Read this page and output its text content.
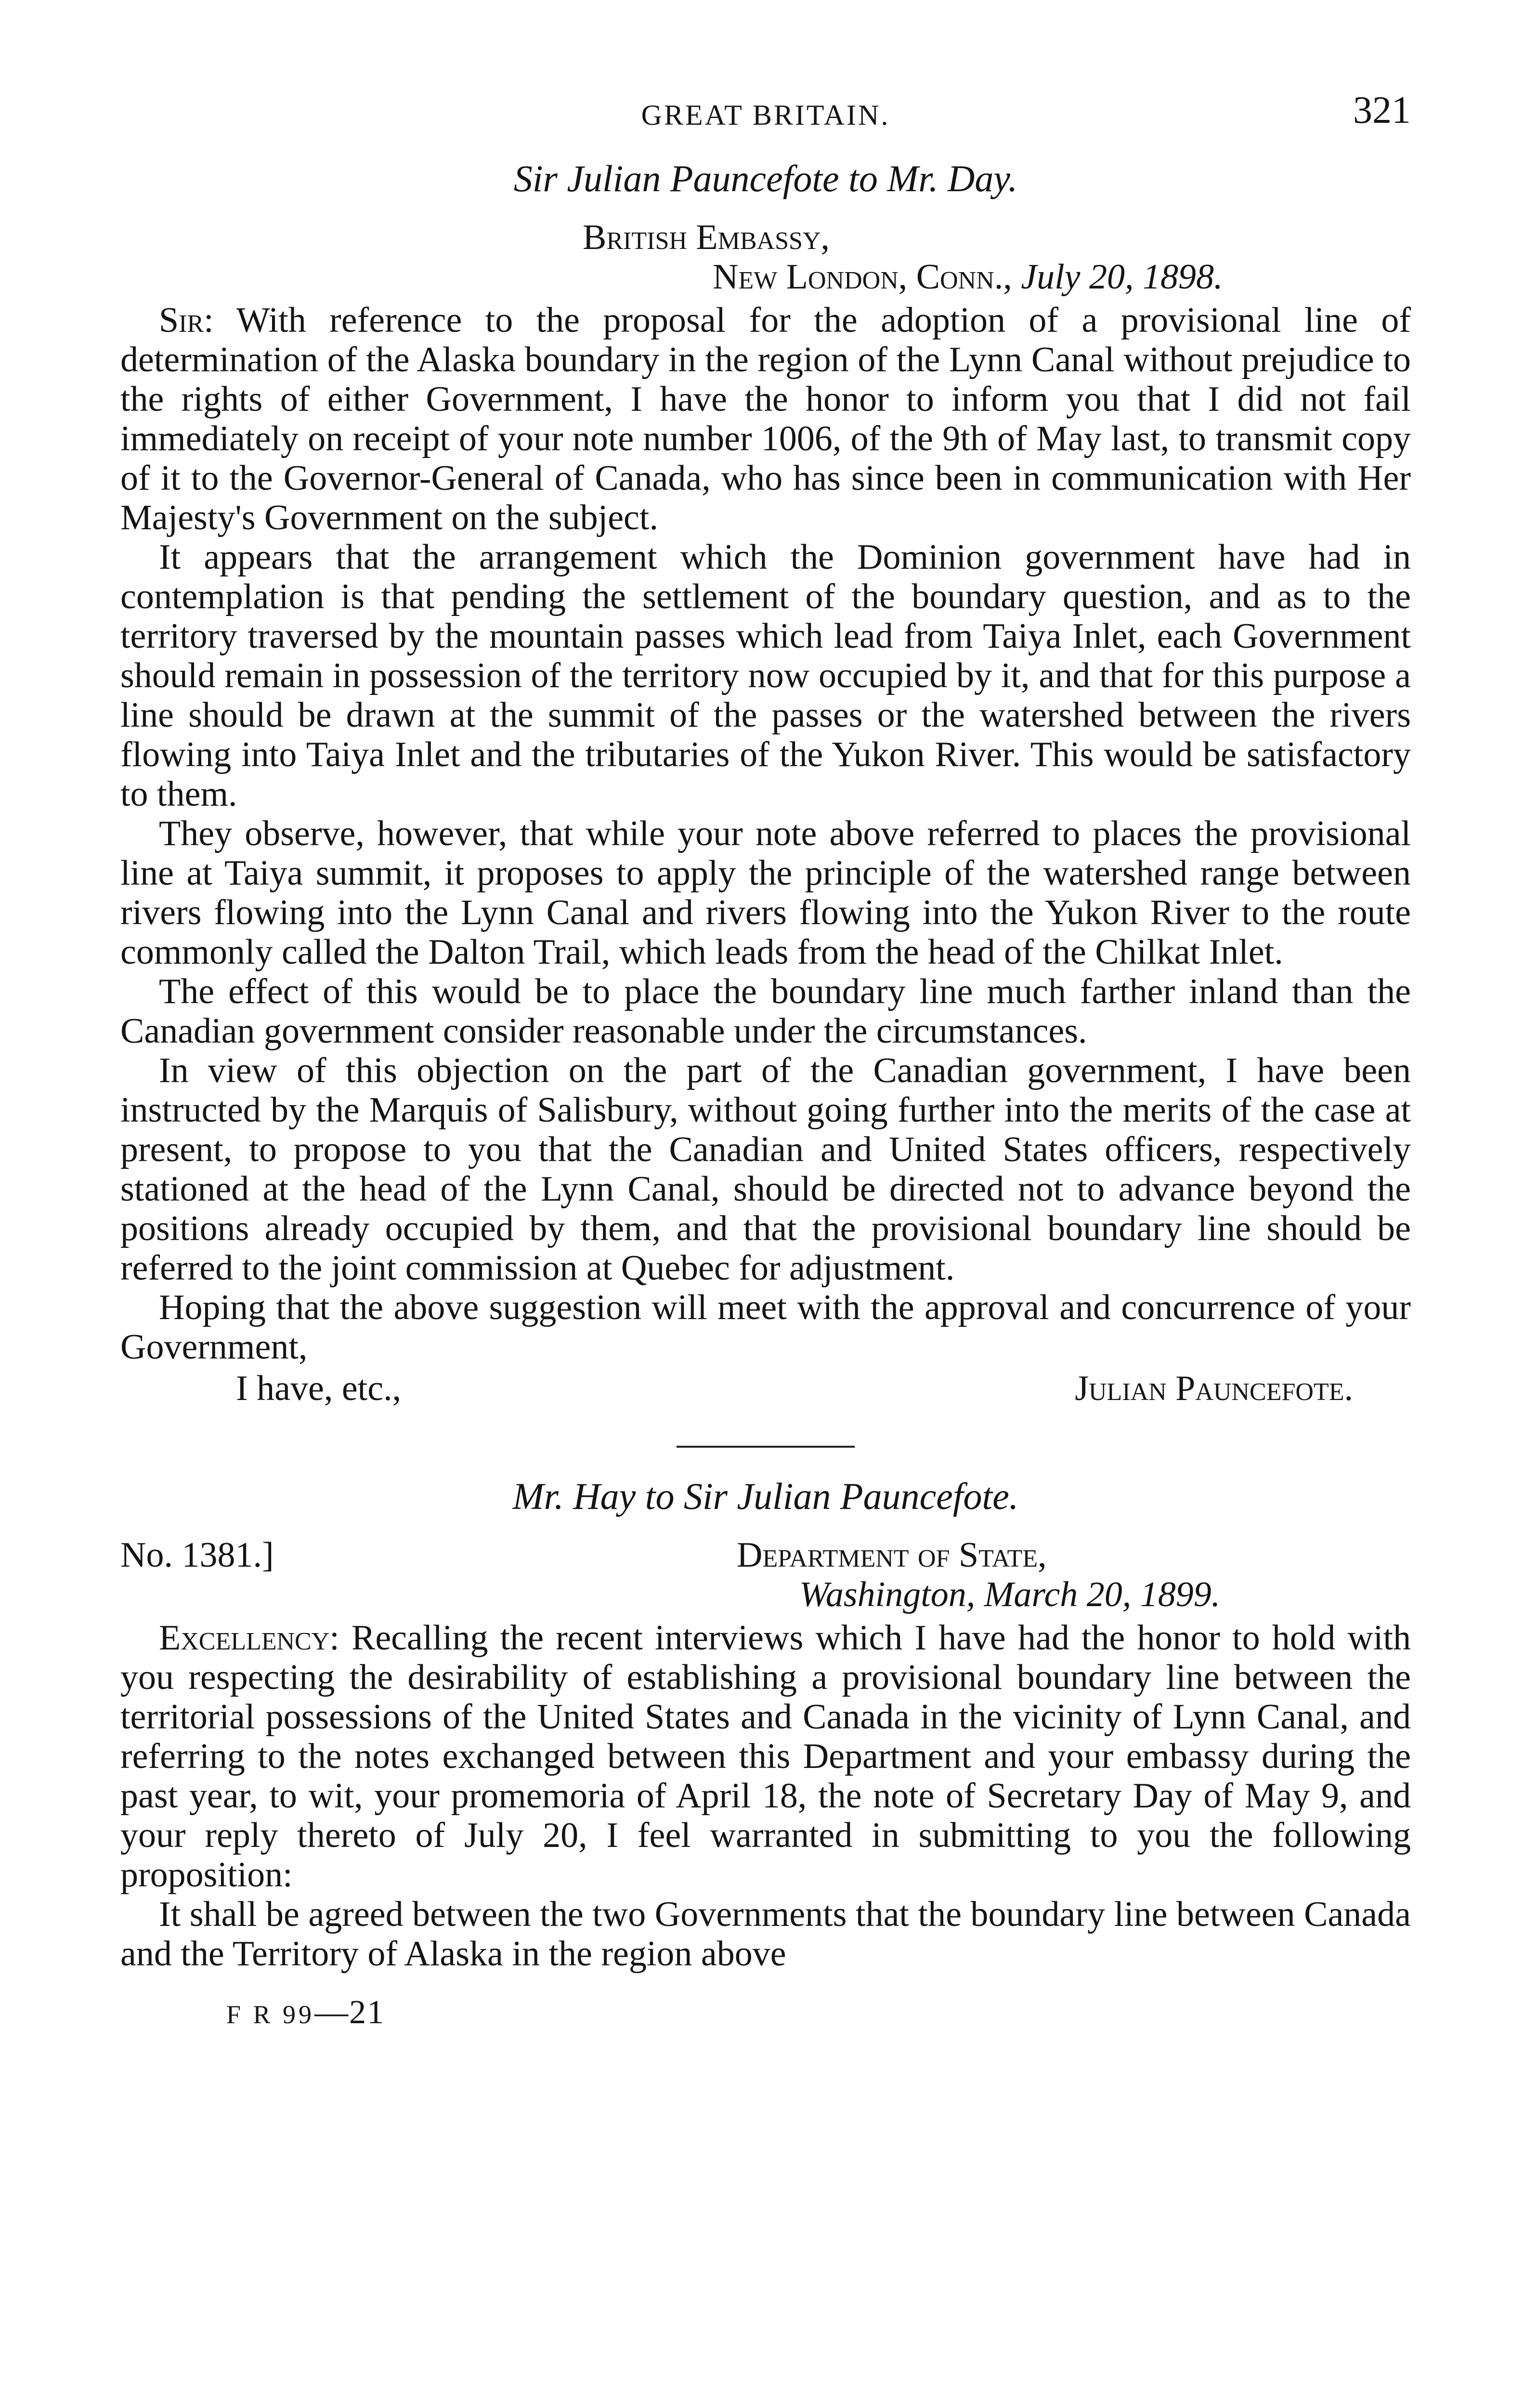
GREAT BRITAIN.	321
Sir Julian Pauncefote to Mr. Day.
British Embassy,
New London, Conn., July 20, 1898.

Sir: With reference to the proposal for the adoption of a provisional line of determination of the Alaska boundary in the region of the Lynn Canal without prejudice to the rights of either Government, I have the honor to inform you that I did not fail immediately on receipt of your note number 1006, of the 9th of May last, to transmit copy of it to the Governor-General of Canada, who has since been in communication with Her Majesty's Government on the subject.

It appears that the arrangement which the Dominion government have had in contemplation is that pending the settlement of the boundary question, and as to the territory traversed by the mountain passes which lead from Taiya Inlet, each Government should remain in possession of the territory now occupied by it, and that for this purpose a line should be drawn at the summit of the passes or the watershed between the rivers flowing into Taiya Inlet and the tributaries of the Yukon River. This would be satisfactory to them.

They observe, however, that while your note above referred to places the provisional line at Taiya summit, it proposes to apply the principle of the watershed range between rivers flowing into the Lynn Canal and rivers flowing into the Yukon River to the route commonly called the Dalton Trail, which leads from the head of the Chilkat Inlet.

The effect of this would be to place the boundary line much farther inland than the Canadian government consider reasonable under the circumstances.

In view of this objection on the part of the Canadian government, I have been instructed by the Marquis of Salisbury, without going further into the merits of the case at present, to propose to you that the Canadian and United States officers, respectively stationed at the head of the Lynn Canal, should be directed not to advance beyond the positions already occupied by them, and that the provisional boundary line should be referred to the joint commission at Quebec for adjustment.

Hoping that the above suggestion will meet with the approval and concurrence of your Government,

I have, etc.,	Julian Pauncefote.
Mr. Hay to Sir Julian Pauncefote.
No. 1381.]	Department of State,
Washington, March 20, 1899.

Excellency: Recalling the recent interviews which I have had the honor to hold with you respecting the desirability of establishing a provisional boundary line between the territorial possessions of the United States and Canada in the vicinity of Lynn Canal, and referring to the notes exchanged between this Department and your embassy during the past year, to wit, your promemoria of April 18, the note of Secretary Day of May 9, and your reply thereto of July 20, I feel warranted in submitting to you the following proposition:

It shall be agreed between the two Governments that the boundary line between Canada and the Territory of Alaska in the region above

F R 99—21
